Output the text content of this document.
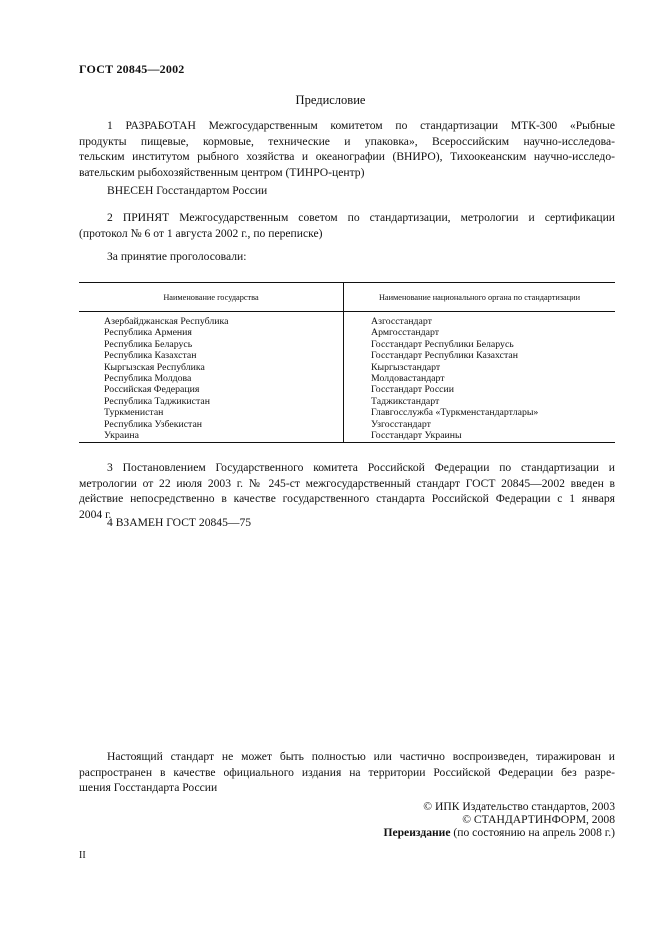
ГОСТ 20845—2002
Предисловие
1 РАЗРАБОТАН Межгосударственным комитетом по стандартизации МТК-300 «Рыбные
продукты пищевые, кормовые, технические и упаковка», Всероссийским научно-исследова-
тельским институтом рыбного хозяйства и океанографии (ВНИРО), Тихоокеанским научно-исследо-
вательским рыбохозяйственным центром (ТИНРО-центр)
ВНЕСЕН Госстандартом России
2 ПРИНЯТ Межгосударственным советом по стандартизации, метрологии и сертификации
(протокол № 6 от 1 августа 2002 г., по переписке)
За принятие проголосовали:
Наименование государства	Наименование национального органа по стандартизации
Азербайджанская Республика	Азгосстандарт
Республика Армения	Армгосстандарт
Республика Беларусь	Госстандарт Республики Беларусь
Республика Казахстан	Госстандарт Республики Казахстан
Кыргызская Республика	Кыргызстандарт
Республика Молдова	Молдовастандарт
Российская Федерация	Госстандарт России
Республика Таджикистан	Таджикстандарт
Туркменистан	Главгосслужба «Туркменстандартлары»
Республика Узбекистан	Узгосстандарт
Украина	Госстандарт Украины
3 Постановлением Государственного комитета Российской Федерации по стандартизации и
метрологии от 22 июля 2003 г. № 245-ст межгосударственный стандарт ГОСТ 20845—2002 введен в
действие непосредственно в качестве государственного стандарта Российской Федерации с 1 января
2004 г.
4 ВЗАМЕН ГОСТ 20845—75
Настоящий стандарт не может быть полностью или частично воспроизведен, тиражирован и
распространен в качестве официального издания на территории Российской Федерации без разре-
шения Госстандарта России
© ИПК Издательство стандартов, 2003
© СТАНДАРТИНФОРМ, 2008
Переиздание (по состоянию на апрель 2008 г.)
II
